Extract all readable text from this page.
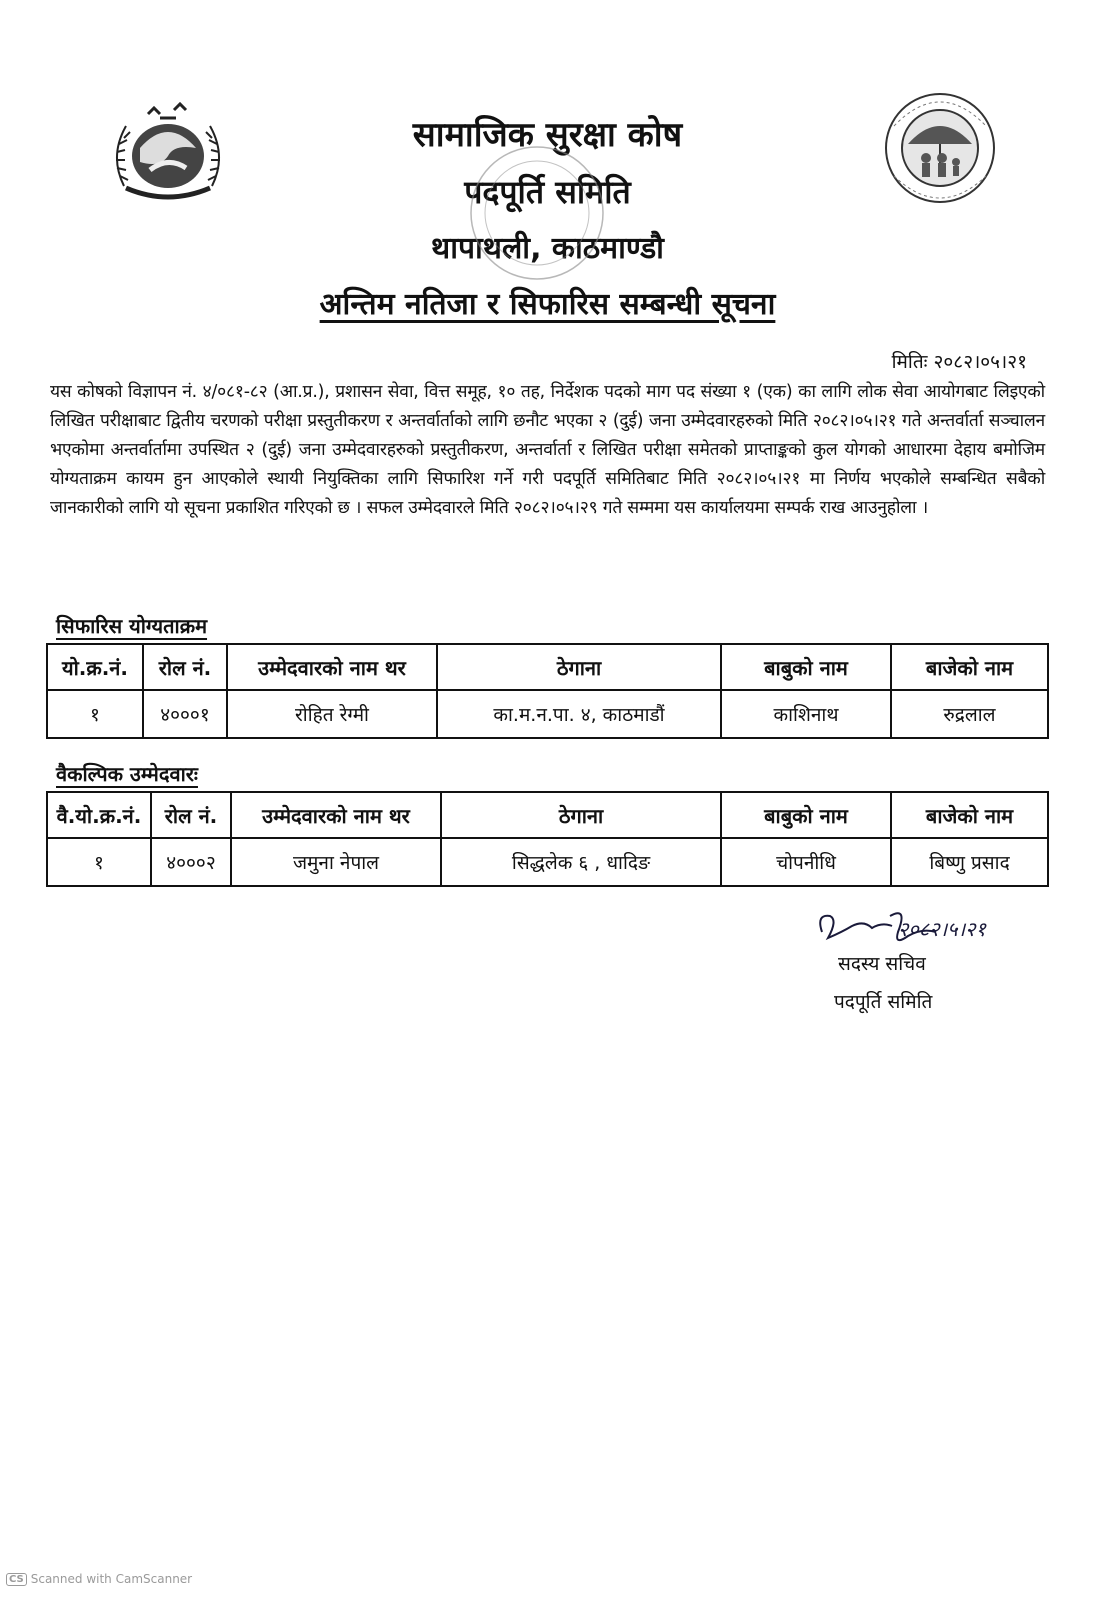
सामाजिक सुरक्षा कोष
पदपूर्ति समिति
थापाथली, काठमाण्डौ
अन्तिम नतिजा र सिफारिस सम्बन्धी सूचना
मितिः २०८२।०५।२१
यस कोषको विज्ञापन नं. ४/०८१-८२ (आ.प्र.), प्रशासन सेवा, वित्त समूह, १० तह, निर्देशक पदको माग पद संख्या १ (एक) का लागि लोक सेवा आयोगबाट लिइएको लिखित परीक्षाबाट द्वितीय चरणको परीक्षा प्रस्तुतीकरण र अन्तर्वार्ताको लागि छनौट भएका २ (दुई) जना उम्मेदवारहरुको मिति २०८२।०५।२१ गते अन्तर्वार्ता सञ्चालन भएकोमा अन्तर्वार्तामा उपस्थित २ (दुई) जना उम्मेदवारहरुको प्रस्तुतीकरण, अन्तर्वार्ता र लिखित परीक्षा समेतको प्राप्ताङ्कको कुल योगको आधारमा देहाय बमोजिम योग्यताक्रम कायम हुन आएकोले स्थायी नियुक्तिका लागि सिफारिश गर्ने गरी पदपूर्ति समितिबाट मिति २०८२।०५।२१ मा निर्णय भएकोले सम्बन्धित सबैको जानकारीको लागि यो सूचना प्रकाशित गरिएको छ । सफल उम्मेदवारले मिति २०८२।०५।२९ गते सम्ममा यस कार्यालयमा सम्पर्क राख आउनुहोला ।
सिफारिस योग्यताक्रम
यो.क्र.नं.	रोल नं.	उम्मेदवारको नाम थर	ठेगाना	बाबुको नाम	बाजेको नाम
१	४०००१	रोहित रेग्मी	का.म.न.पा. ४, काठमाडौं	काशिनाथ	रुद्रलाल
वैकल्पिक उम्मेदवारः
वै.यो.क्र.नं.	रोल नं.	उम्मेदवारको नाम थर	ठेगाना	बाबुको नाम	बाजेको नाम
१	४०००२	जमुना नेपाल	सिद्धलेक ६ , धादिङ	चोपनीधि	बिष्णु प्रसाद
२०८२।५।२१
सदस्य सचिव
पदपूर्ति समिति
CS Scanned with CamScanner
